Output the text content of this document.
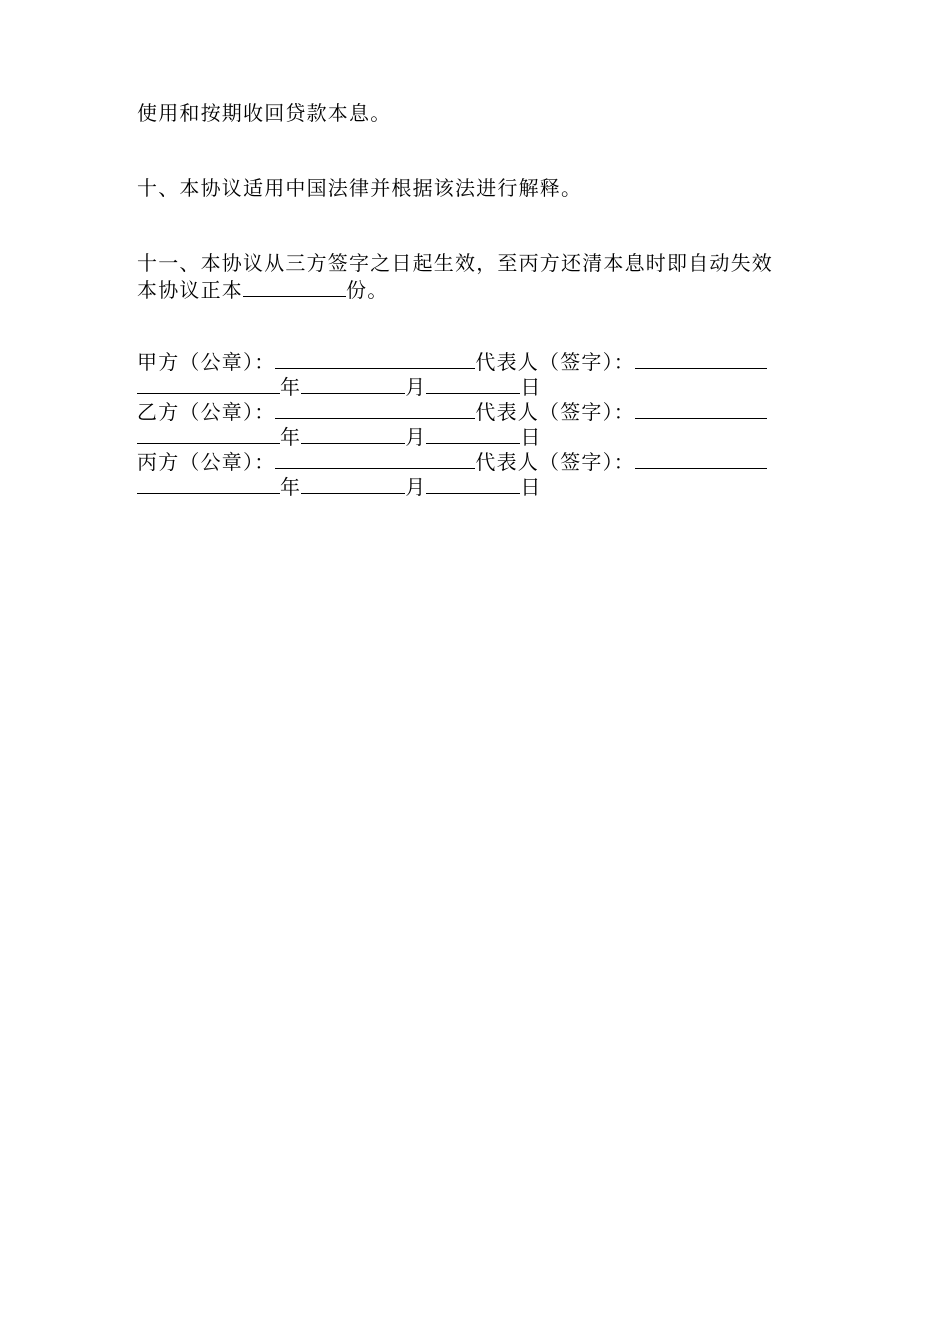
使用和按期收回贷款本息。
十、本协议适用中国法律并根据该法进行解释。
十一、本协议从三方签字之日起生效，至丙方还清本息时即自动失效
本协议正本	份。
甲方（公章）：	代表人（签字）：
年	月	日
乙方（公章）：	代表人（签字）：
年	月	日
丙方（公章）：	代表人（签字）：
年	月	日
